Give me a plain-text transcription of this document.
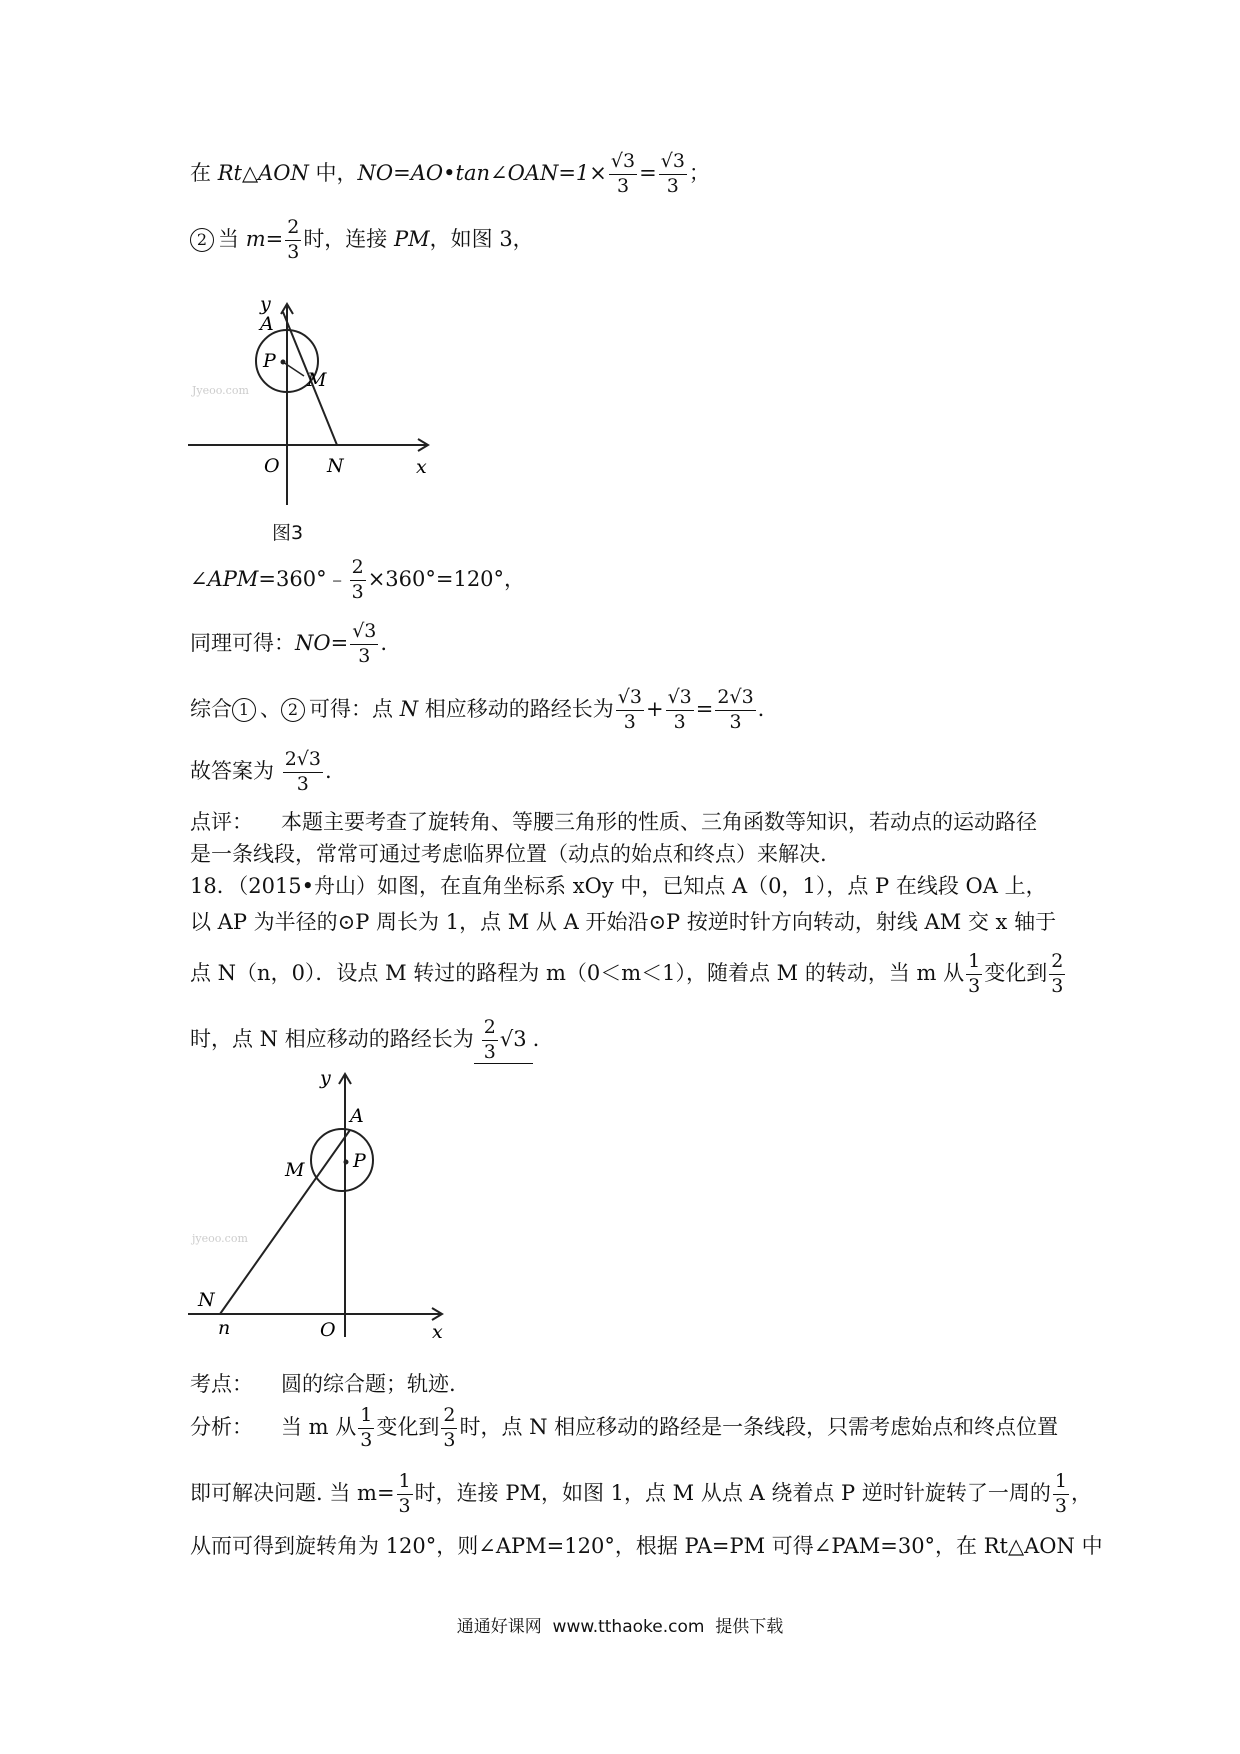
在 Rt△AON 中，NO=AO•tan∠OAN=1× $\frac{√3}{3} = \frac{√3}{3}$ ；
2 当 $m= \frac{2}{3}$ 时，连接 PM，如图 3，
Jyeoo.com
y
A
P
M
O N	x
图3
∠APM=360°﹣ $\frac{2}{3} \times 360^\circ=120^\circ$，
同理可得：$NO= \frac{√3}{3}$ .
综合 1 、 2 可得：点 N 相应移动的路经长为 $\frac{√3}{3} + \frac{√3}{3} = \frac{2√3}{3}$ .
故答案为 $\frac{2√3}{3}$ .
点评： 本题主要考查了旋转角、等腰三角形的性质、三角函数等知识，若动点的运动路径
是一条线段，常常可通过考虑临界位置（动点的始点和终点）来解决.
18．（2015•舟山）如图，在直角坐标系 xOy 中，已知点 A（0，1），点 P 在线段 OA 上，
以 AP 为半径的⊙P 周长为 1，点 M 从 A 开始沿⊙P 按逆时针方向转动，射线 AM 交 x 轴于
点 N（n，0）．设点 M 转过的路程为 m（0＜m＜1），随着点 M 的转动，当 m 从 $\frac{1}{3}$ 变化到 $\frac{2}{3}$
时，点 N 相应移动的路经长为 $\frac{2}{3} √3$ .
jyeoo.com
y
A
M	P
N
n	O	x
考点： 圆的综合题；轨迹.
分析： 当 m 从 $\frac{1}{3}$ 变化到 $\frac{2}{3}$ 时，点 N 相应移动的路经是一条线段，只需考虑始点和终点位置
即可解决问题. 当 $m= \frac{1}{3}$ 时，连接 PM，如图 1，点 M 从点 A 绕着点 P 逆时针旋转了一周的 $\frac{1}{3}$ ，
从而可得到旋转角为 120°，则∠APM=120°，根据 PA=PM 可得∠PAM=30°，在 Rt△AON 中
通通好课网 www.tthaoke.com 提供下载
